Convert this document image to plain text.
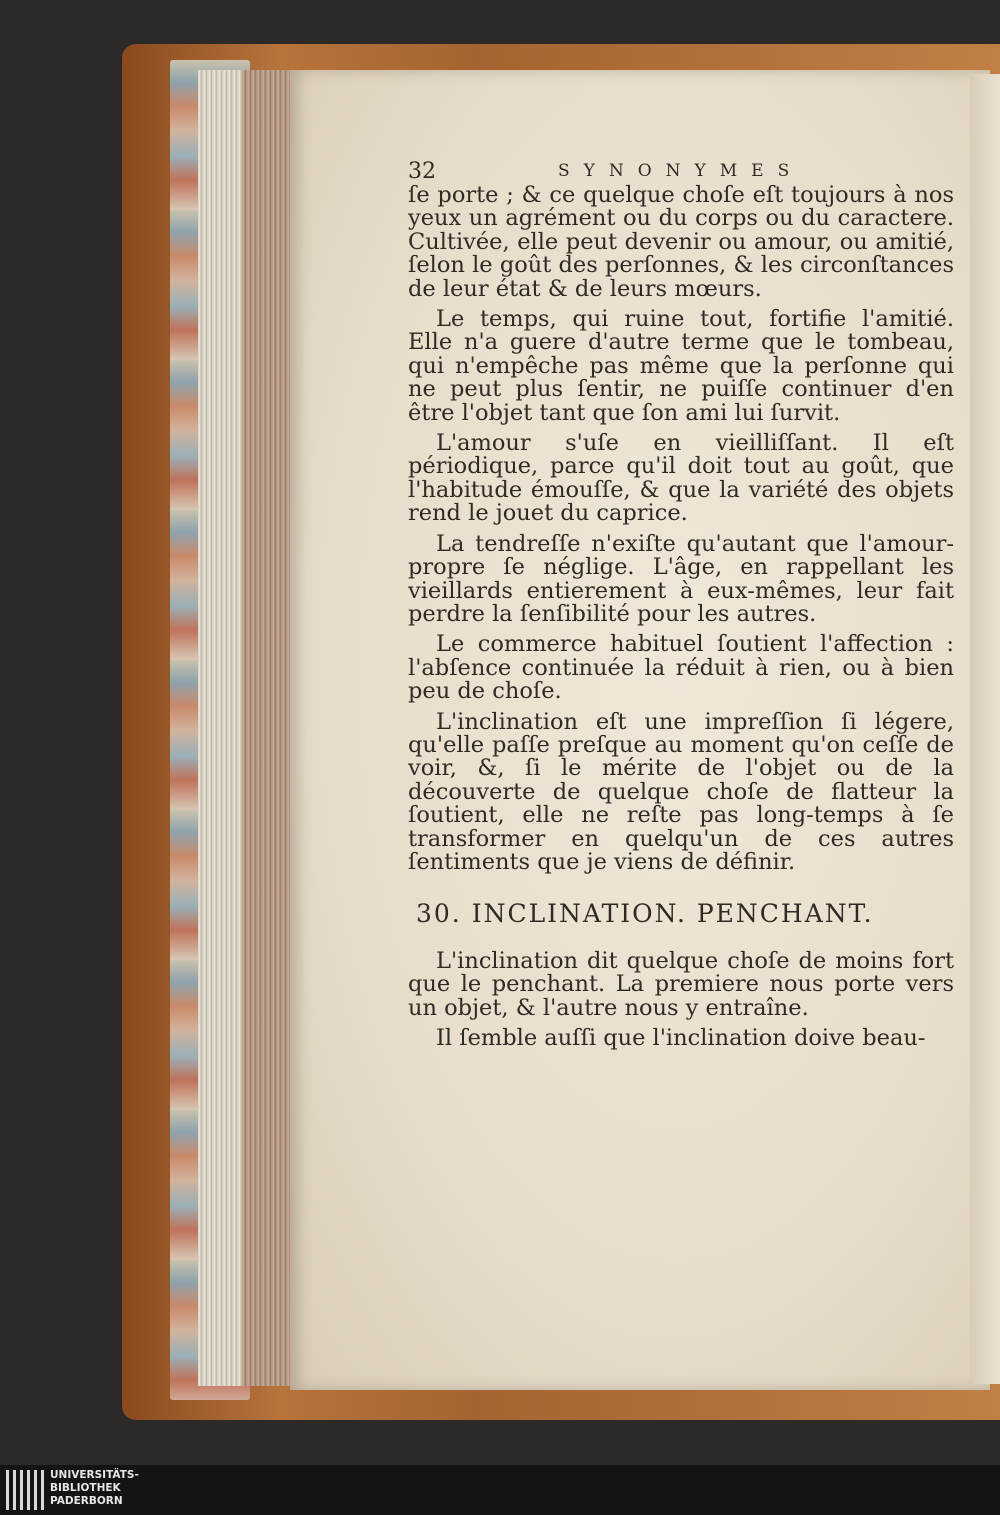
32	SYNONYMES

ſe porte ; & ce quelque choſe eſt toujours à nos yeux un agrément ou du corps ou du caractere. Cultivée, elle peut devenir ou amour, ou amitié, ſelon le goût des perſonnes, & les circonſtances de leur état & de leurs mœurs.

Le temps, qui ruine tout, fortifie l'amitié. Elle n'a guere d'autre terme que le tombeau, qui n'empêche pas même que la perſonne qui ne peut plus ſentir, ne puiſſe continuer d'en être l'objet tant que ſon ami lui ſurvit.

L'amour s'uſe en vieilliſſant. Il eſt périodique, parce qu'il doit tout au goût, que l'habitude émouſſe, & que la variété des objets rend le jouet du caprice.

La tendreſſe n'exiſte qu'autant que l'amour-propre ſe néglige. L'âge, en rappellant les vieillards entierement à eux-mêmes, leur fait perdre la ſenſibilité pour les autres.

Le commerce habituel ſoutient l'affection : l'abſence continuée la réduit à rien, ou à bien peu de choſe.

L'inclination eſt une impreſſion ſi légere, qu'elle paſſe preſque au moment qu'on ceſſe de voir, &, ſi le mérite de l'objet ou de la découverte de quelque choſe de flatteur la ſoutient, elle ne reſte pas long-temps à ſe transformer en quelqu'un de ces autres ſentiments que je viens de définir.

30. INCLINATION. PENCHANT.

L'inclination dit quelque choſe de moins fort que le penchant. La premiere nous porte vers un objet, & l'autre nous y entraîne.

Il ſemble auſſi que l'inclination doive beau-

UNIVERSITÄTS-
BIBLIOTHEK
PADERBORN
